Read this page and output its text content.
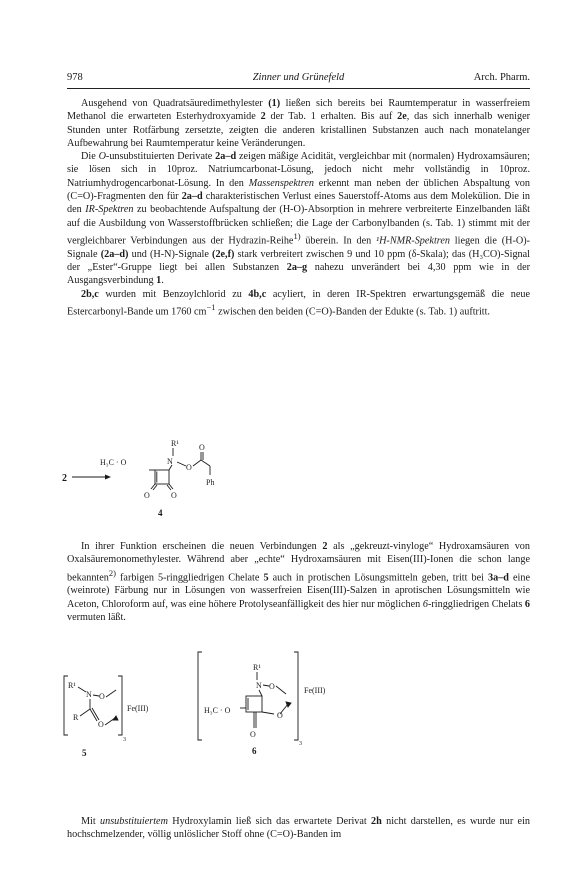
978	Zinner und Grünefeld	Arch. Pharm.

Ausgehend von Quadratsäuredimethylester (1) ließen sich bereits bei Raumtemperatur in wasserfreiem Methanol die erwarteten Esterhydroxyamide 2 der Tab. 1 erhalten. Bis auf 2e, das sich innerhalb weniger Stunden unter Rotfärbung zersetzte, zeigten die anderen kristallinen Substanzen auch nach monatelanger Aufbewahrung bei Raumtemperatur keine Veränderungen.

Die O-unsubstituierten Derivate 2a–d zeigen mäßige Acidität, vergleichbar mit (normalen) Hydroxamsäuren; sie lösen sich in 10proz. Natriumcarbonat-Lösung, jedoch nicht mehr vollständig in 10proz. Natriumhydrogencarbonat-Lösung. In den Massenspektren erkennt man neben der üblichen Abspaltung von (C=O)-Fragmenten den für 2a–d charakteristischen Verlust eines Sauerstoff-Atoms aus dem Molekülion. Die in den IR-Spektren zu beobachtende Aufspaltung der (H-O)-Absorption in mehrere verbreiterte Einzelbanden läßt auf die Ausbildung von Wasserstoffbrücken schließen; die Lage der Carbonylbanden (s. Tab. 1) stimmt mit der vergleichbarer Verbindungen aus der Hydrazin-Reihe$^{1)}$ überein. In den ¹H-NMR-Spektren liegen die (H-O)-Signale (2a–d) und (H-N)-Signale (2e,f) stark verbreitert zwischen 9 und 10 ppm (δ-Skala); das (H₃CO)-Signal der „Ester“-Gruppe liegt bei allen Substanzen 2a–g nahezu unverändert bei 4,30 ppm wie in der Ausgangsverbindung 1.

2b,c wurden mit Benzoylchlorid zu 4b,c acyliert, in deren IR-Spektren erwartungsgemäß die neue Estercarbonyl-Bande um 1760 $cm^{-1}$ zwischen den beiden (C=O)-Banden der Edukte (s. Tab. 1) auftritt.

2
R¹
H₃C · O	N
O
O
O	O
Ph
4

In ihrer Funktion erscheinen die neuen Verbindungen 2 als „gekreuzt-vinyloge“ Hydroxamsäuren von Oxalsäuremonomethylester. Während aber „echte“ Hydroxamsäuren mit Eisen(III)-Ionen die schon lange bekannten$^{2)}$ farbigen 5-ringgliedrigen Chelate 5 auch in protischen Lösungsmitteln geben, tritt bei 3a–d eine (weinrote) Färbung nur in Lösungen von wasserfreien Eisen(III)-Salzen in aprotischen Lösungsmitteln wie Aceton, Chloroform auf, was eine höhere Protolyseanfälligkeit des hier nur möglichen 6-ringgliedrigen Chelats 6 vermuten läßt.

R¹
N O
R
O
Fe(III)
3
5
R¹
N O
H₃C · O
O
O
Fe(III)
3
6

Mit unsubstituiertem Hydroxylamin ließ sich das erwartete Derivat 2h nicht darstellen, es wurde nur ein hochschmelzender, völlig unlöslicher Stoff ohne (C=O)-Banden im
